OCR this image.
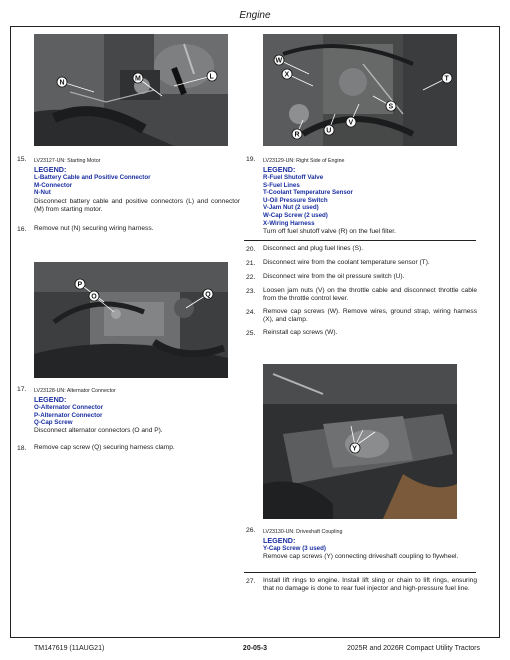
Engine
N
M	L
15. LV23127-UN: Starting Motor
LEGEND:
L-Battery Cable and Positive Connector
M-Connector
N-Nut
Disconnect battery cable and positive connectors (L) and connector (M) from starting motor.
16. Remove nut (N) securing wiring harness.
P
O	Q
17. LV23128-UN: Alternator Connector
LEGEND:
O-Alternator Connector
P-Alternator Connector
Q-Cap Screw
Disconnect alternator connectors (O and P).
18. Remove cap screw (Q) securing harness clamp.
W
X
T
S
V
U
R
19. LV23129-UN: Right Side of Engine
LEGEND:
R-Fuel Shutoff Valve
S-Fuel Lines
T-Coolant Temperature Sensor
U-Oil Pressure Switch
V-Jam Nut (2 used)
W-Cap Screw (2 used)
X-Wiring Harness
Turn off fuel shutoff valve (R) on the fuel filter.
20. Disconnect and plug fuel lines (S).
21. Disconnect wire from the coolant temperature sensor (T).
22. Disconnect wire from the oil pressure switch (U).
23. Loosen jam nuts (V) on the throttle cable and disconnect throttle cable from the throttle control lever.
24. Remove cap screws (W). Remove wires, ground strap, wiring harness (X), and clamp.
25. Reinstall cap screws (W).
Y
26. LV23130-UN: Driveshaft Coupling
LEGEND:
Y-Cap Screw (3 used)
Remove cap screws (Y) connecting driveshaft coupling to flywheel.
27. Install lift rings to engine. Install lift sling or chain to lift rings, ensuring that no damage is done to rear fuel injector and high-pressure fuel line.
TM147619 (11AUG21)	20-05-3	2025R and 2026R Compact Utility Tractors
